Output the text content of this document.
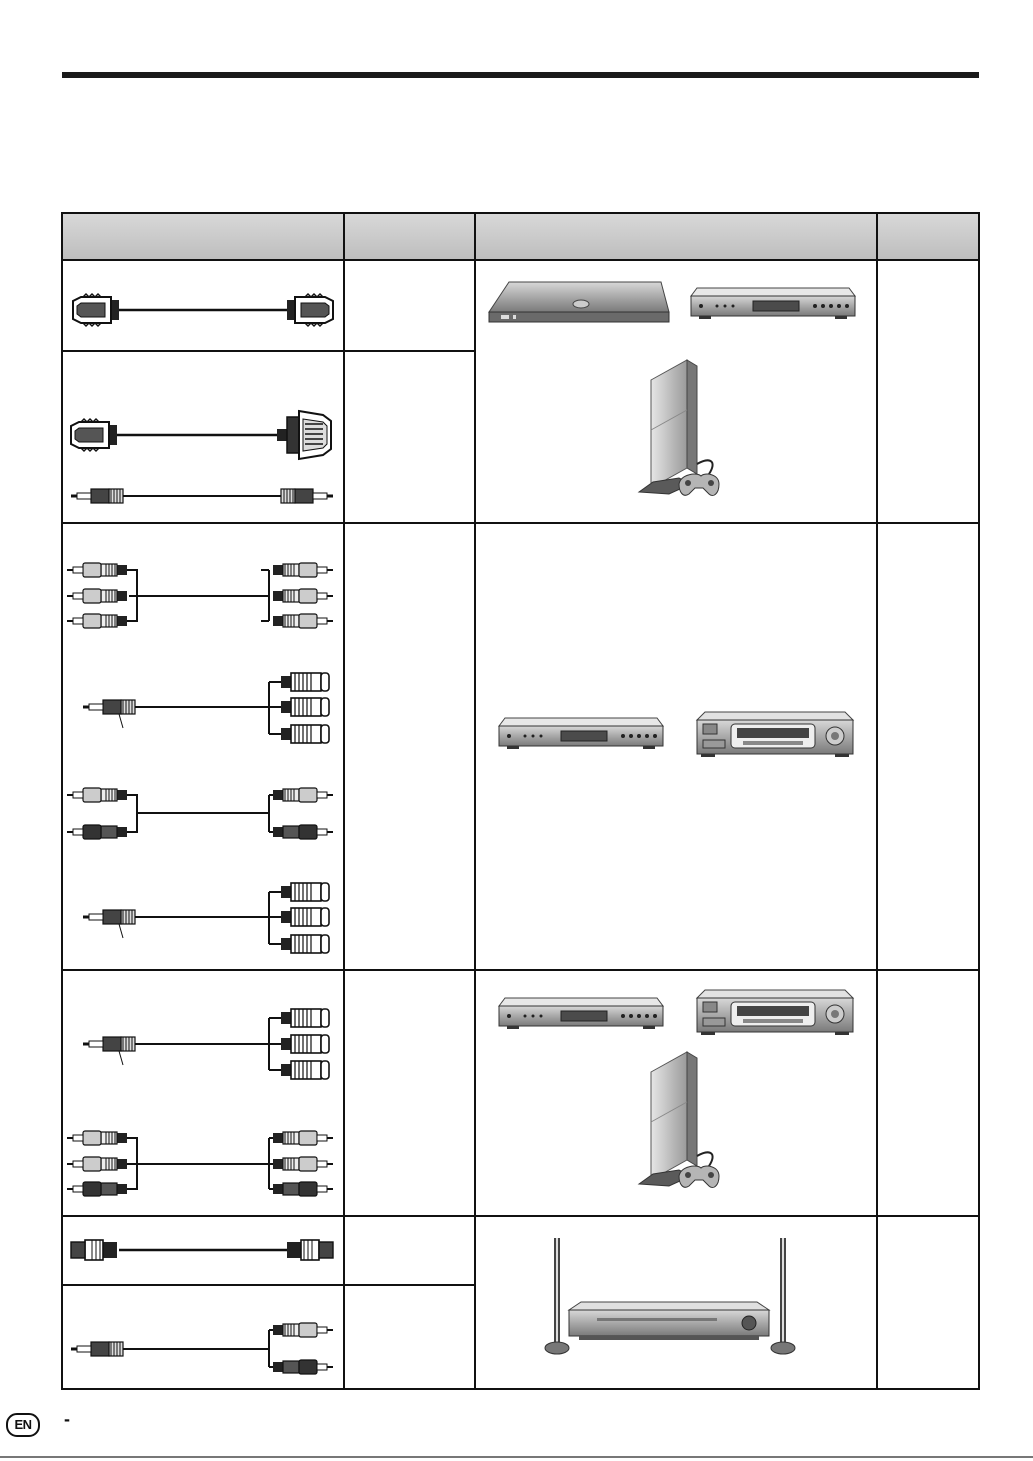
EN	-
